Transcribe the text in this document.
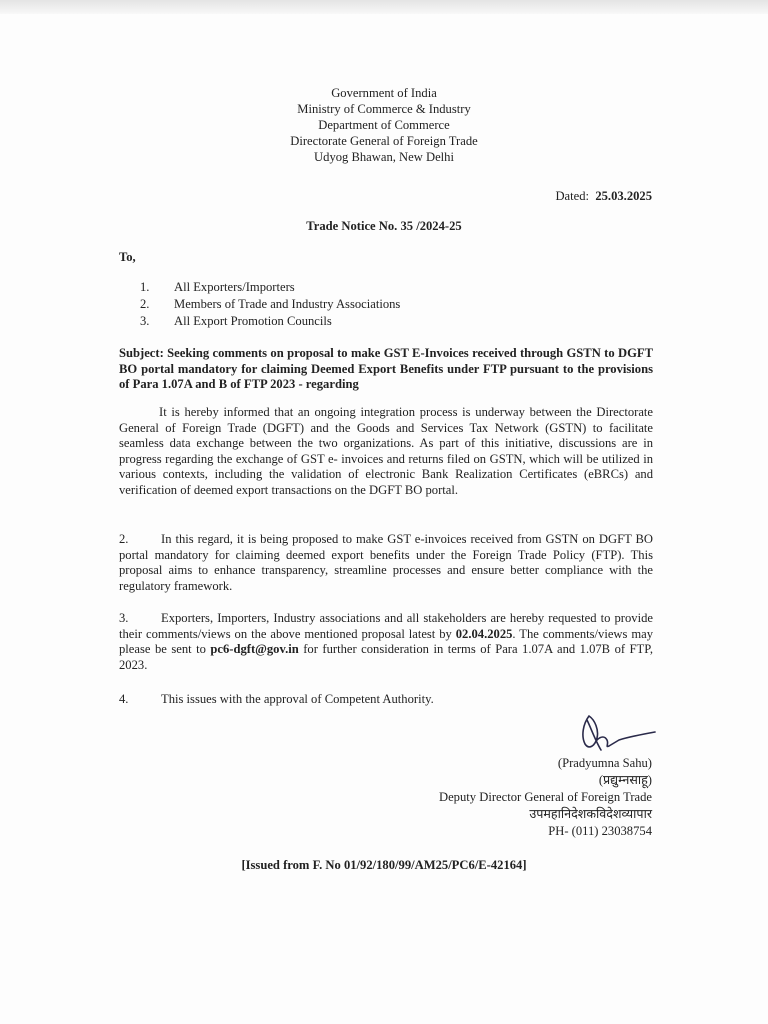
Government of India
Ministry of Commerce & Industry
Department of Commerce
Directorate General of Foreign Trade
Udyog Bhawan, New Delhi
Dated: 25.03.2025
Trade Notice No. 35 /2024-25
To,
1. All Exporters/Importers
2. Members of Trade and Industry Associations
3. All Export Promotion Councils
Subject: Seeking comments on proposal to make GST E-Invoices received through GSTN to DGFT BO portal mandatory for claiming Deemed Export Benefits under FTP pursuant to the provisions of Para 1.07A and B of FTP 2023 - regarding
It is hereby informed that an ongoing integration process is underway between the Directorate General of Foreign Trade (DGFT) and the Goods and Services Tax Network (GSTN) to facilitate seamless data exchange between the two organizations. As part of this initiative, discussions are in progress regarding the exchange of GST e- invoices and returns filed on GSTN, which will be utilized in various contexts, including the validation of electronic Bank Realization Certificates (eBRCs) and verification of deemed export transactions on the DGFT BO portal.
2.	In this regard, it is being proposed to make GST e-invoices received from GSTN on DGFT BO portal mandatory for claiming deemed export benefits under the Foreign Trade Policy (FTP). This proposal aims to enhance transparency, streamline processes and ensure better compliance with the regulatory framework.
3.	Exporters, Importers, Industry associations and all stakeholders are hereby requested to provide their comments/views on the above mentioned proposal latest by 02.04.2025. The comments/views may please be sent to pc6-dgft@gov.in for further consideration in terms of Para 1.07A and 1.07B of FTP, 2023.
4.	This issues with the approval of Competent Authority.
(Pradyumna Sahu)
(प्रद्युम्नसाहू)
Deputy Director General of Foreign Trade
उपमहानिदेशकविदेशव्यापार
PH- (011) 23038754
[Issued from F. No 01/92/180/99/AM25/PC6/E-42164]
